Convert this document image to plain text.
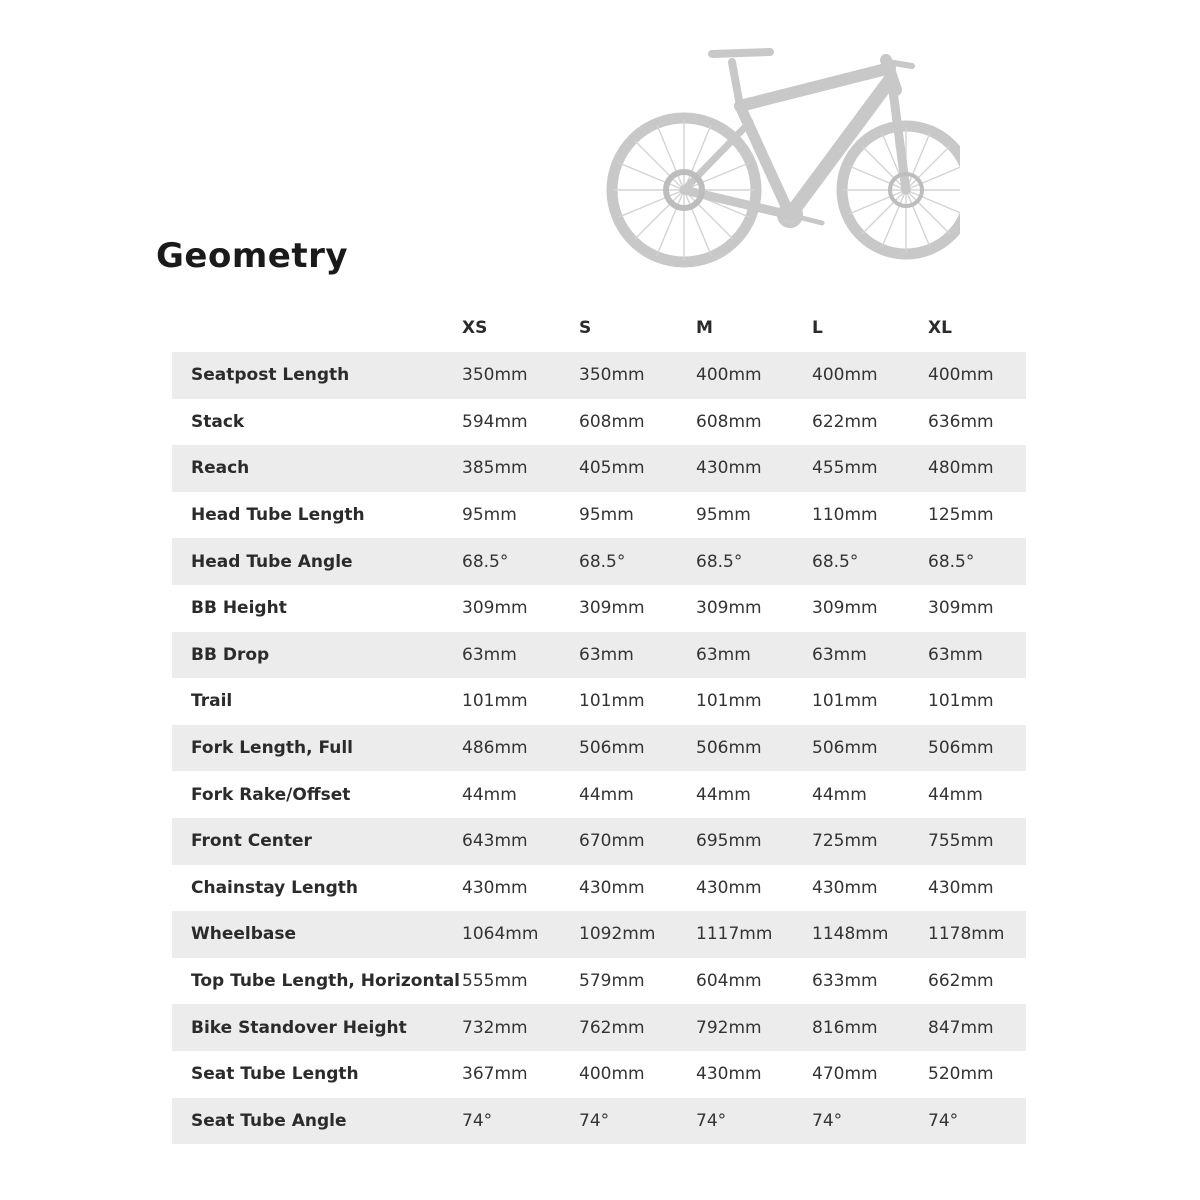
Geometry
XS	S	M	L	XL
Seatpost Length	350mm	350mm	400mm	400mm	400mm
Stack	594mm	608mm	608mm	622mm	636mm
Reach	385mm	405mm	430mm	455mm	480mm
Head Tube Length	95mm	95mm	95mm	110mm	125mm
Head Tube Angle	68.5°	68.5°	68.5°	68.5°	68.5°
BB Height	309mm	309mm	309mm	309mm	309mm
BB Drop	63mm	63mm	63mm	63mm	63mm
Trail	101mm	101mm	101mm	101mm	101mm
Fork Length, Full	486mm	506mm	506mm	506mm	506mm
Fork Rake/Offset	44mm	44mm	44mm	44mm	44mm
Front Center	643mm	670mm	695mm	725mm	755mm
Chainstay Length	430mm	430mm	430mm	430mm	430mm
Wheelbase	1064mm 1092mm 1117mm 1148mm 1178mm
Top Tube Length, Horizontal 555mm	579mm	604mm	633mm	662mm
Bike Standover Height	732mm	762mm	792mm	816mm	847mm
Seat Tube Length	367mm	400mm	430mm	470mm	520mm
Seat Tube Angle	74°	74°	74°	74°	74°
